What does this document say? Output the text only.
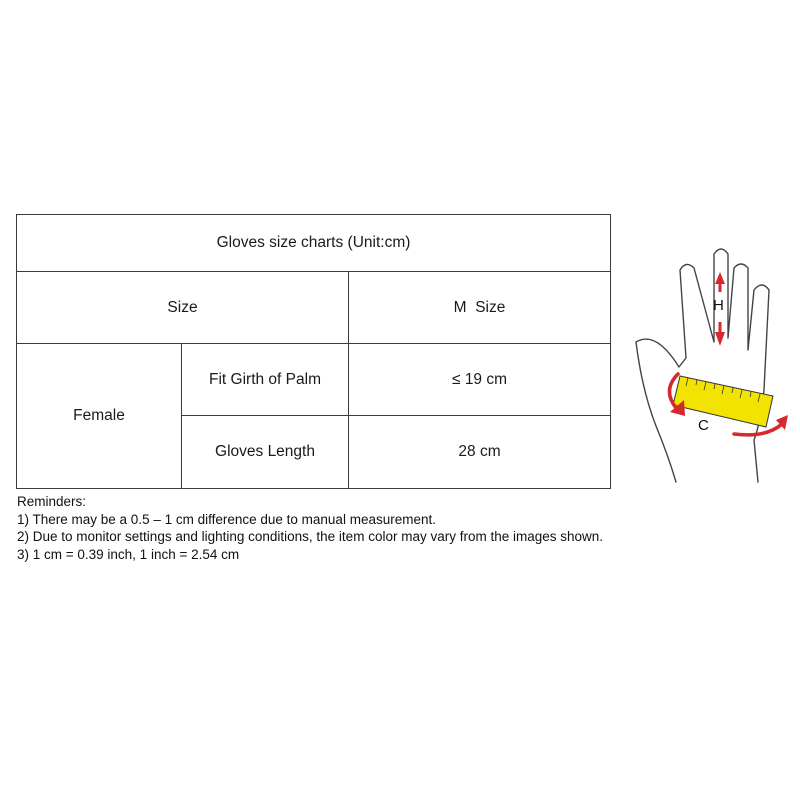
Gloves size charts (Unit:cm)		
Size		M  Size
Female	Fit Girth of Palm	≤ 19 cm
	Gloves Length	28 cm

Reminders:

1) There may be a 0.5 – 1 cm difference due to manual measurement.

2) Due to monitor settings and lighting conditions, the item color may vary from the images shown.

3) 1 cm = 0.39 inch, 1 inch = 2.54 cm

H
C
